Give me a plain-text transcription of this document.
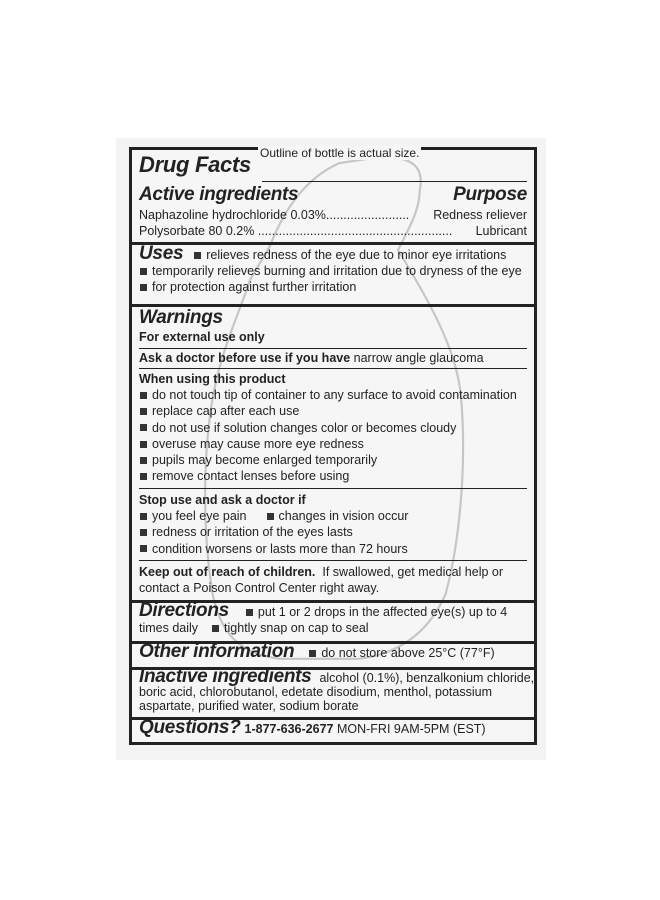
Drug Facts
Active ingredients	Purpose
Naphazoline hydrochloride 0.03%........................ Redness reliever
Polysorbate 80 0.2% ........................................................ Lubricant
Uses relieves redness of the eye due to minor eye irritations
temporarily relieves burning and irritation due to dryness of the eye
for protection against further irritation
Warnings
For external use only
Ask a doctor before use if you have narrow angle glaucoma
When using this product
do not touch tip of container to any surface to avoid contamination
replace cap after each use
do not use if solution changes color or becomes cloudy
overuse may cause more eye redness
pupils may become enlarged temporarily
remove contact lenses before using
Stop use and ask a doctor if
you feel eye pain	changes in vision occur
redness or irritation of the eyes lasts
condition worsens or lasts more than 72 hours
Keep out of reach of children. If swallowed, get medical help or
contact a Poison Control Center right away.
Directions put 1 or 2 drops in the affected eye(s) up to 4
times daily tightly snap on cap to seal
Other information do not store above 25°C (77°F)
Inactive ingredients alcohol (0.1%), benzalkonium chloride,
boric acid, chlorobutanol, edetate disodium, menthol, potassium
aspartate, purified water, sodium borate
Questions? 1-877-636-2677 MON-FRI 9AM-5PM (EST)
Outline of bottle is actual size.
